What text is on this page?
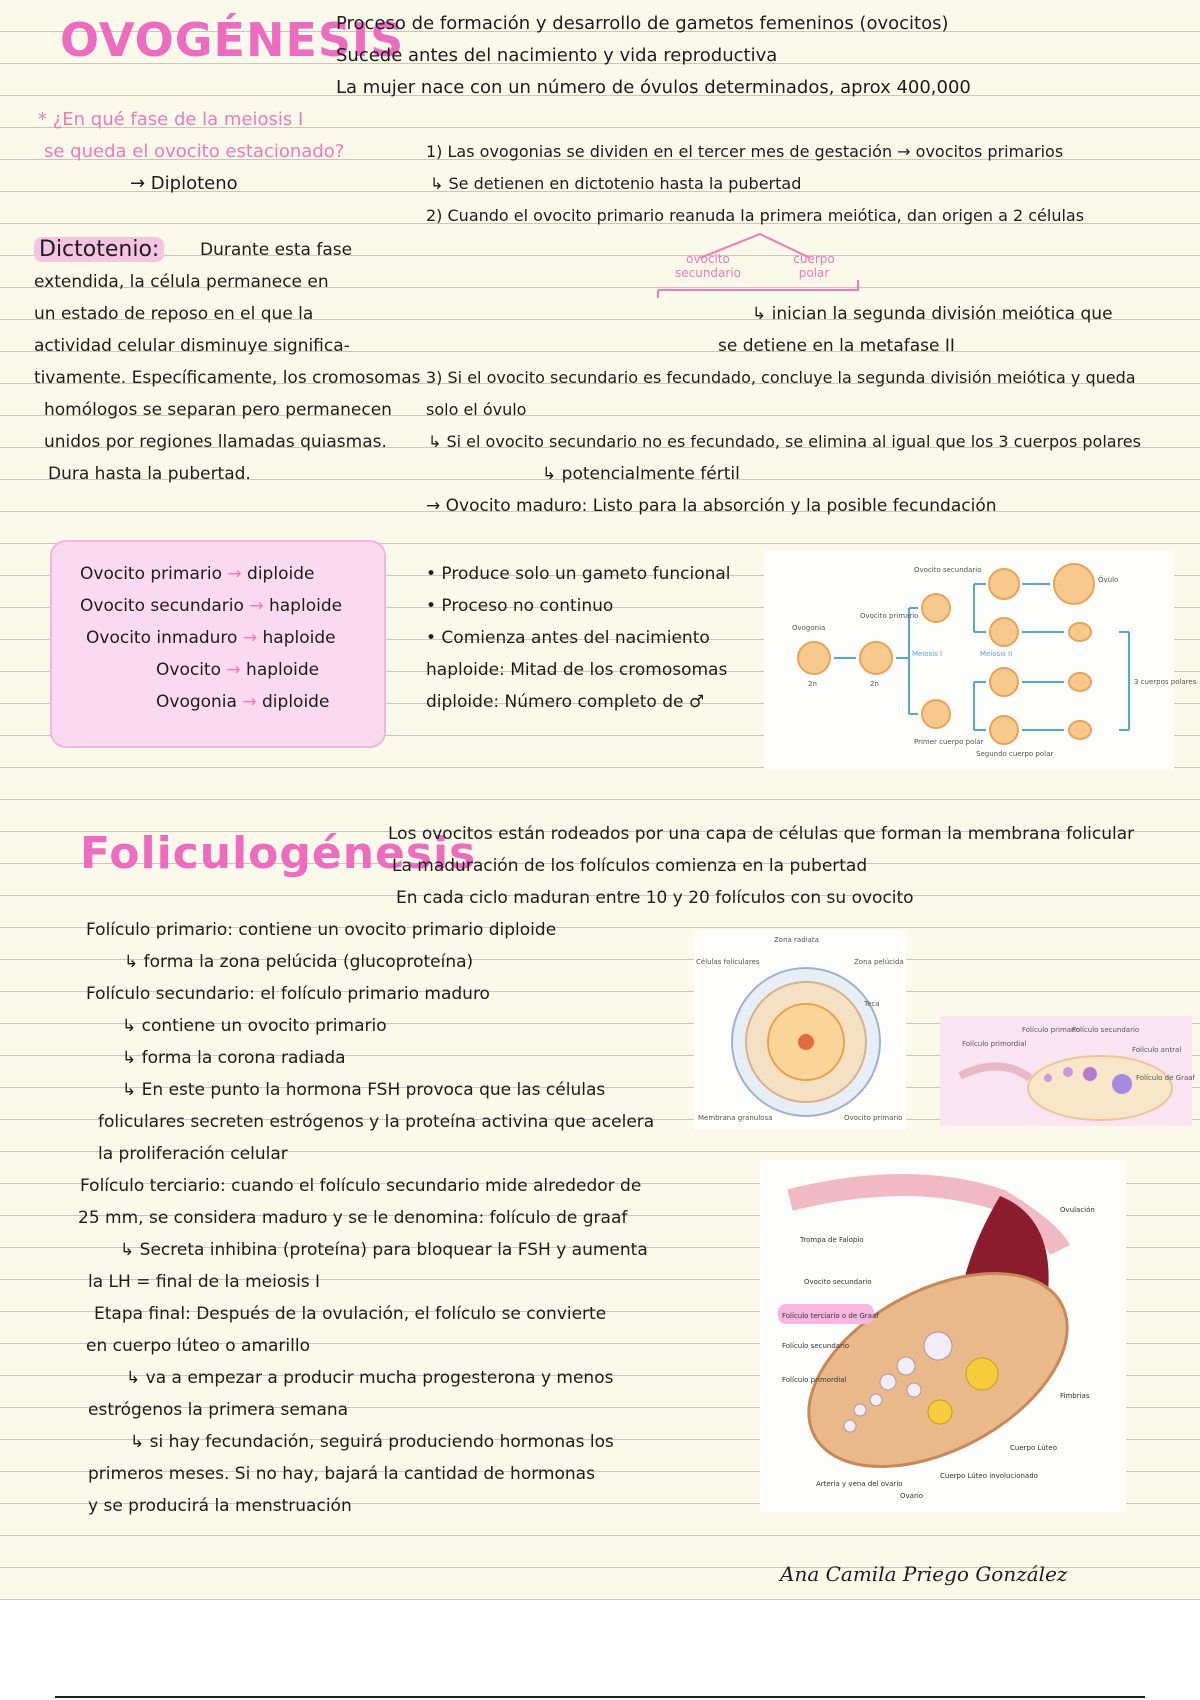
OVOGÉNESIS
Proceso de formación y desarrollo de gametos femeninos (ovocitos)
Sucede antes del nacimiento y vida reproductiva
La mujer nace con un número de óvulos determinados, aprox 400,000
* ¿En qué fase de la meiosis I
se queda el ovocito estacionado?
→ Diploteno
Dictotenio: Durante esta fase
extendida, la célula permanece en
un estado de reposo en el que la
actividad celular disminuye significa-
tivamente. Específicamente, los cromosomas
homólogos se separan pero permanecen
unidos por regiones llamadas quiasmas.
Dura hasta la pubertad.
1) Las ovogonias se dividen en el tercer mes de gestación → ovocitos primarios
↳ Se detienen en dictotenio hasta la pubertad
2) Cuando el ovocito primario reanuda la primera meiótica, dan origen a 2 células
ovocito secundario
cuerpo polar
↳ inician la segunda división meiótica que
se detiene en la metafase II
3) Si el ovocito secundario es fecundado, concluye la segunda división meiótica y queda
solo el óvulo
↳ Si el ovocito secundario no es fecundado, se elimina al igual que los 3 cuerpos polares
↳ potencialmente fértil
→ Ovocito maduro: Listo para la absorción y la posible fecundación
Ovocito primario → diploide
Ovocito secundario → haploide
Ovocito inmaduro → haploide
Ovocito → haploide
Ovogonia → diploide
• Produce solo un gameto funcional
• Proceso no continuo
• Comienza antes del nacimiento
haploide: Mitad de los cromosomas
diploide: Número completo de ♂
Ovogonia
Ovocito primario
Ovocito secundario
Óvulo
Meiosis I	Meiosis II
Primer cuerpo polar
Segundo cuerpo polar
3 cuerpos polares
2n	2n
Foliculogénesis
Los ovocitos están rodeados por una capa de células que forman la membrana folicular
La maduración de los folículos comienza en la pubertad
En cada ciclo maduran entre 10 y 20 folículos con su ovocito
Folículo primario: contiene un ovocito primario diploide
↳ forma la zona pelúcida (glucoproteína)
Folículo secundario: el folículo primario maduro
↳ contiene un ovocito primario
↳ forma la corona radiada
↳ En este punto la hormona FSH provoca que las células
foliculares secreten estrógenos y la proteína activina que acelera
la proliferación celular
Folículo terciario: cuando el folículo secundario mide alrededor de
25 mm, se considera maduro y se le denomina: folículo de graaf
↳ Secreta inhibina (proteína) para bloquear la FSH y aumenta
la LH = final de la meiosis I
Etapa final: Después de la ovulación, el folículo se convierte
en cuerpo lúteo o amarillo
↳ va a empezar a producir mucha progesterona y menos
estrógenos la primera semana
↳ si hay fecundación, seguirá produciendo hormonas los
primeros meses. Si no hay, bajará la cantidad de hormonas
y se producirá la menstruación
Zona radiata
Células foliculares	Zona pelúcida
Teca
Membrana granulosa	Ovocito primario
Folículo primordial
Folículo primario
Folículo secundario
Folículo antral
Folículo de Graaf
Ovulación
Trompa de Falopio
Ovocito secundario
Folículo terciario o de Graaf
Folículo secundario
Folículo primordial
Fimbrias
Cuerpo Lúteo
Cuerpo Lúteo involucionado
Arteria y vena del ovario
Ovario
Ana Camila Priego González
